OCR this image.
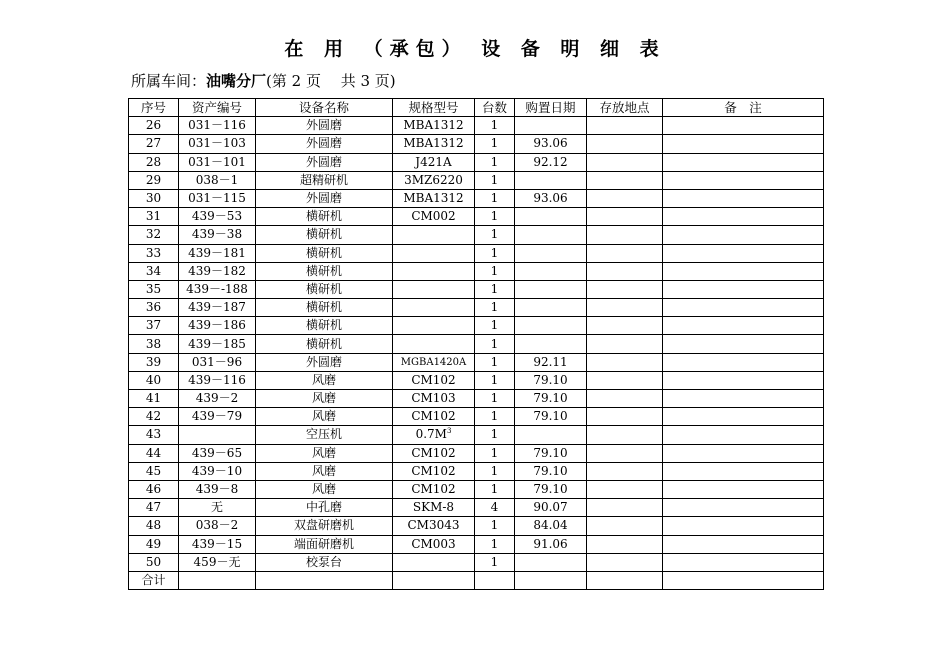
在 用 （承包） 设 备 明 细 表
所属车间：油嘴分厂(第 2 页　 共 3 页)
序号	资产编号	设备名称	规格型号	台数	购置日期	存放地点	备　注
26	031－116	外圆磨	MBA1312	1			
27	031－103	外圆磨	MBA1312	1	93.06		
28	031－101	外圆磨	J421A	1	92.12		
29	038－1	超精研机	3MZ6220	1			
30	031－115	外圆磨	MBA1312	1	93.06		
31	439－53	横研机	CM002	1			
32	439－38	横研机		1			
33	439－181	横研机		1			
34	439－182	横研机		1			
35	439－-188	横研机		1			
36	439－187	横研机		1			
37	439－186	横研机		1			
38	439－185	横研机		1			
39	031－96	外圆磨	MGBA1420A	1	92.11		
40	439－116	风磨	CM102	1	79.10		
41	439－2	风磨	CM103	1	79.10		
42	439－79	风磨	CM102	1	79.10		
43		空压机	$0.7M^3$	1			
44	439－65	风磨	CM102	1	79.10		
45	439－10	风磨	CM102	1	79.10		
46	439－8	风磨	CM102	1	79.10		
47	无	中孔磨	SKM-8	4	90.07		
48	038－2	双盘研磨机	CM3043	1	84.04		
49	439－15	端面研磨机	CM003	1	91.06		
50	459－无	校泵台		1			
合计							
